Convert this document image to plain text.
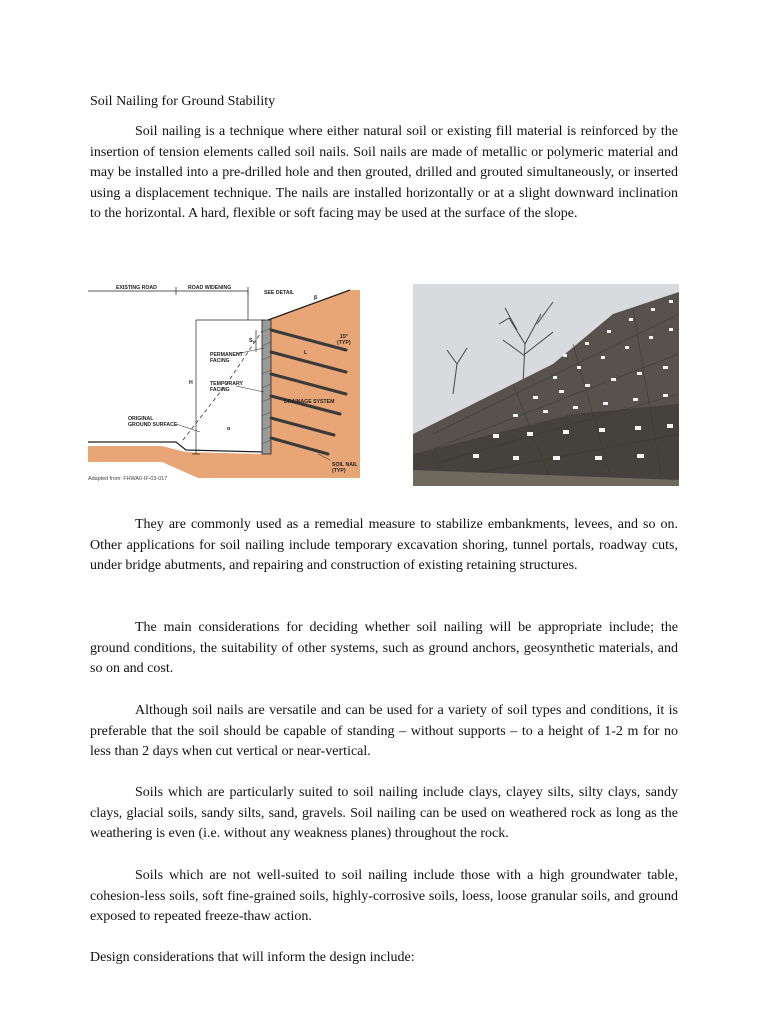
Soil Nailing for Ground Stability

Soil nailing is a technique where either natural soil or existing fill material is reinforced by the insertion of tension elements called soil nails. Soil nails are made of metallic or polymeric material and may be installed into a pre-drilled hole and then grouted, drilled and grouted simultaneously, or inserted using a displacement technique. The nails are installed horizontally or at a slight downward inclination to the horizontal. A hard, flexible or soft facing may be used at the surface of the slope.

EXISTING ROAD	ROAD WIDENING
SEE DETAIL
β
Sᵥ
15°
(TYP)
L
PERMANENT
FACING
H	TEMPORARY
FACING
DRAINAGE SYSTEM
ORIGINAL
GROUND SURFACE
α
SOIL NAIL
(TYP)
Adapted from: FHWA0-IF-03-017

They are commonly used as a remedial measure to stabilize embankments, levees, and so on. Other applications for soil nailing include temporary excavation shoring, tunnel portals, roadway cuts, under bridge abutments, and repairing and construction of existing retaining structures.

The main considerations for deciding whether soil nailing will be appropriate include; the ground conditions, the suitability of other systems, such as ground anchors, geosynthetic materials, and so on and cost.

Although soil nails are versatile and can be used for a variety of soil types and conditions, it is preferable that the soil should be capable of standing – without supports – to a height of 1-2 m for no less than 2 days when cut vertical or near-vertical.

Soils which are particularly suited to soil nailing include clays, clayey silts, silty clays, sandy clays, glacial soils, sandy silts, sand, gravels. Soil nailing can be used on weathered rock as long as the weathering is even (i.e. without any weakness planes) throughout the rock.

Soils which are not well-suited to soil nailing include those with a high groundwater table, cohesion-less soils, soft fine-grained soils, highly-corrosive soils, loess, loose granular soils, and ground exposed to repeated freeze-thaw action.

Design considerations that will inform the design include:
